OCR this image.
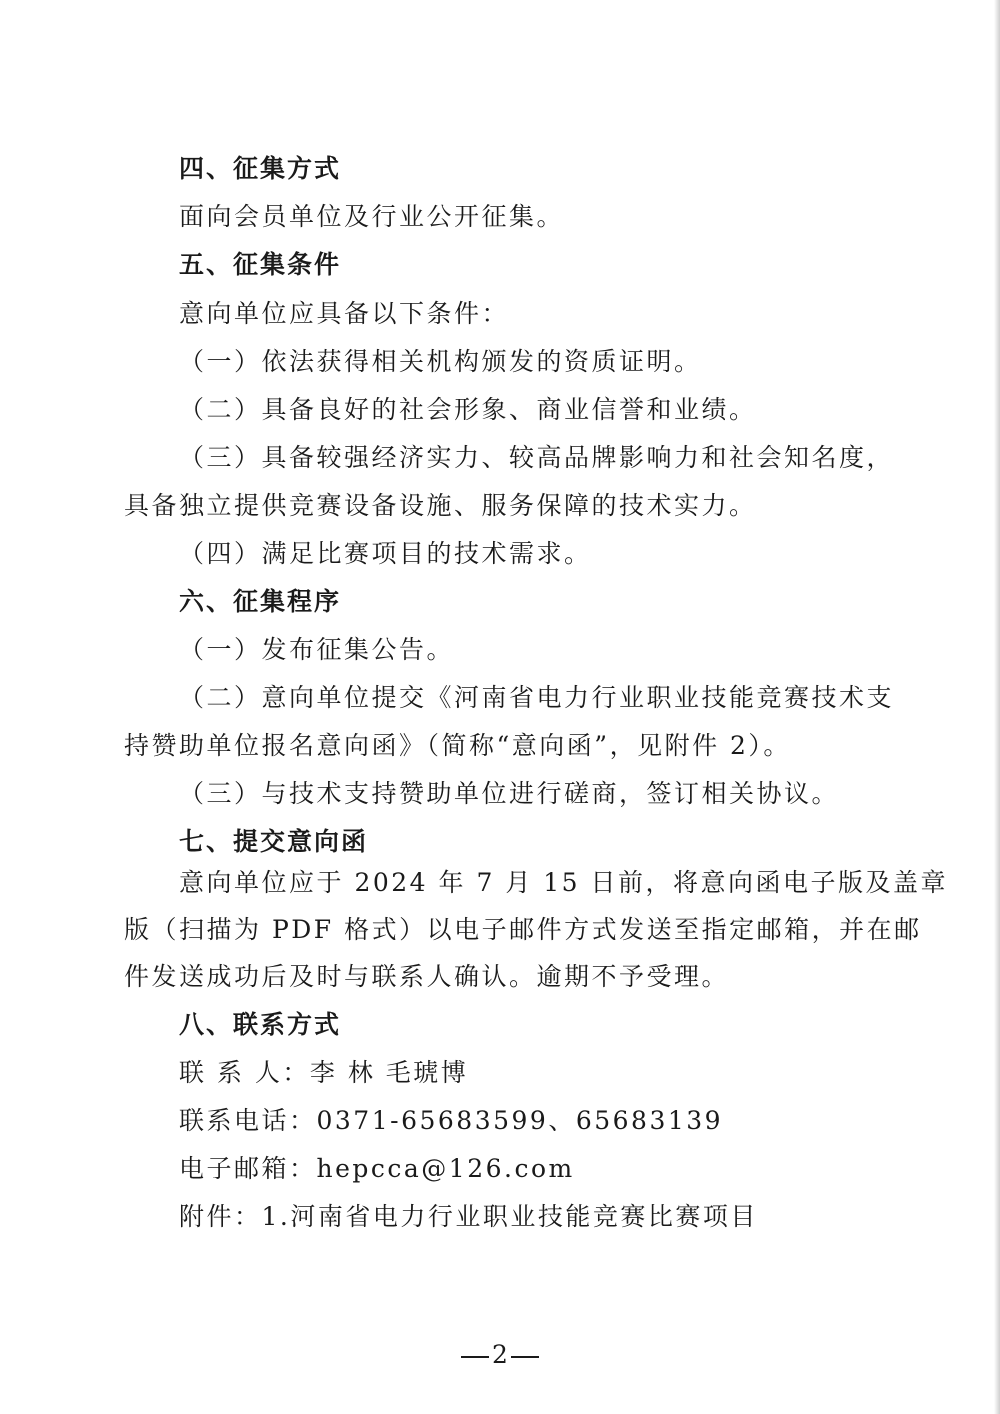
四、征集方式
面向会员单位及行业公开征集。
五、征集条件
意向单位应具备以下条件：
（一）依法获得相关机构颁发的资质证明。
（二）具备良好的社会形象、商业信誉和业绩。
（三）具备较强经济实力、较高品牌影响力和社会知名度，
具备独立提供竞赛设备设施、服务保障的技术实力。
（四）满足比赛项目的技术需求。
六、征集程序
（一）发布征集公告。
（二）意向单位提交《河南省电力行业职业技能竞赛技术支
持赞助单位报名意向函》（简称“意向函”，见附件 2）。
（三）与技术支持赞助单位进行磋商，签订相关协议。
七、提交意向函
意向单位应于 2024 年 7 月 15 日前，将意向函电子版及盖章
版（扫描为 PDF 格式）以电子邮件方式发送至指定邮箱，并在邮
件发送成功后及时与联系人确认。逾期不予受理。
八、联系方式
联 系 人：李 林 毛琥博
联系电话：0371-65683599、65683139
电子邮箱：hepcca@126.com
附件：1.河南省电力行业职业技能竞赛比赛项目
2
